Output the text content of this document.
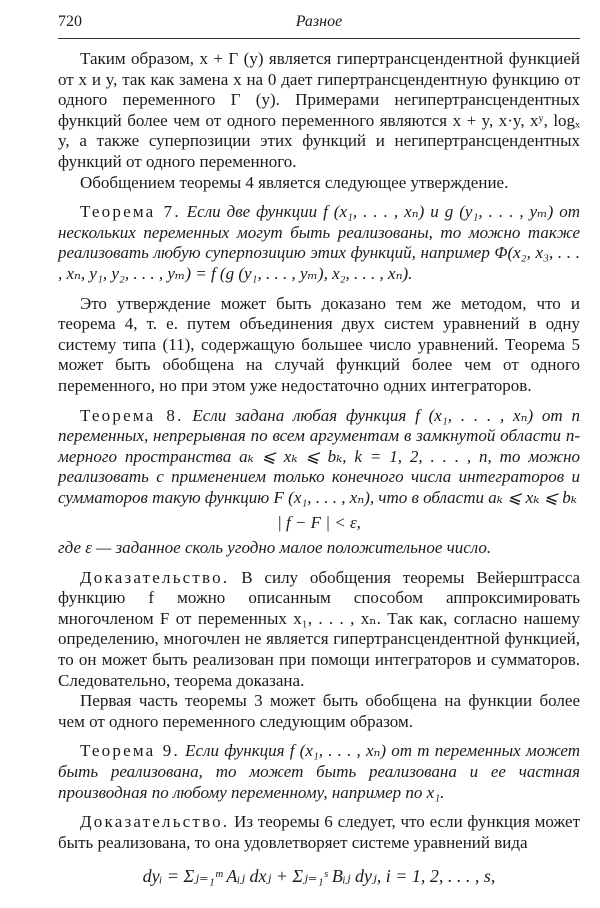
720	Разное

Таким образом, x + Γ (y) является гипертрансцендентной функцией от x и y, так как замена x на 0 дает гипертрансцендентную функцию от одного переменного Γ (y). Примерами негипертрансцендентных функций более чем от одного переменного являются x + y, x·y, xʸ, logₓ y, а также суперпозиции этих функций и негипертрансцендентных функций от одного переменного.

Обобщением теоремы 4 является следующее утверждение.

Теорема 7. Если две функции f (x₁, . . . , xₙ) и g (y₁, . . . , yₘ) от нескольких переменных могут быть реализованы, то можно также реализовать любую суперпозицию этих функций, например Φ(x₂, x₃, . . . , xₙ, y₁, y₂, . . . , yₘ) = f (g (y₁, . . . , yₘ), x₂, . . . , xₙ).

Это утверждение может быть доказано тем же методом, что и теорема 4, т. е. путем объединения двух систем уравнений в одну систему типа (11), содержащую большее число уравнений. Теорема 5 может быть обобщена на случай функций более чем от одного переменного, но при этом уже недостаточно одних интеграторов.

Теорема 8. Если задана любая функция f (x₁, . . . , xₙ) от n переменных, непрерывная по всем аргументам в замкнутой области n-мерного пространства aₖ ⩽ xₖ ⩽ bₖ, k = 1, 2, . . . , n, то можно реализовать с применением только конечного числа интеграторов и сумматоров такую функцию F (x₁, . . . , xₙ), что в области aₖ ⩽ xₖ ⩽ bₖ

| f − F | < ε,

где ε — заданное сколь угодно малое положительное число.

Доказательство. В силу обобщения теоремы Вейерштрасса функцию f можно описанным способом аппроксимировать многочленом F от переменных x₁, . . . , xₙ. Так как, согласно нашему определению, многочлен не является гипертрансцендентной функцией, то он может быть реализован при помощи интеграторов и сумматоров. Следовательно, теорема доказана.

Первая часть теоремы 3 может быть обобщена на функции более чем от одного переменного следующим образом.

Теорема 9. Если функция f (x₁, . . . , xₙ) от m переменных может быть реализована, то может быть реализована и ее частная производная по любому переменному, например по x₁.

Доказательство. Из теоремы 6 следует, что если функция может быть реализована, то она удовлетворяет системе уравнений вида

dyᵢ = Σⱼ₌₁ᵐ Aᵢⱼ dxⱼ + Σⱼ₌₁ˢ Bᵢⱼ dyⱼ, i = 1, 2, . . . , s,
